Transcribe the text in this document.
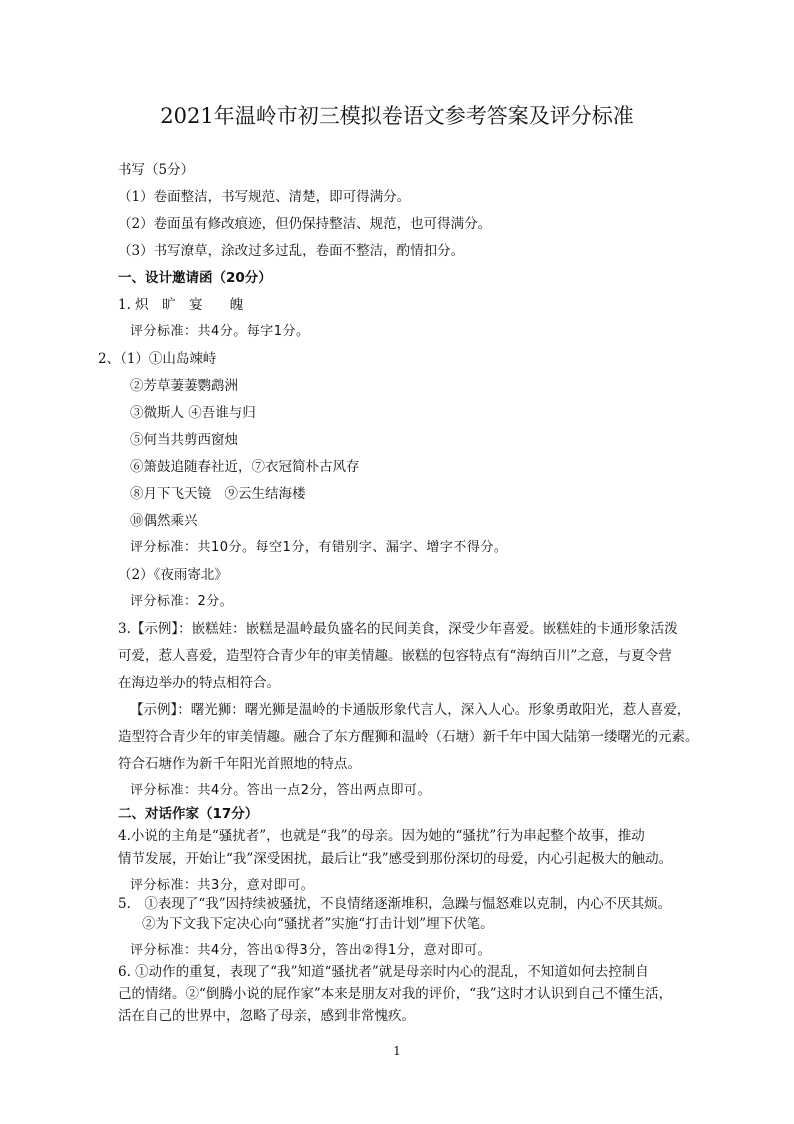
2021年温岭市初三模拟卷语文参考答案及评分标准
书写（5分）
（1）卷面整洁，书写规范、清楚，即可得满分。
（2）卷面虽有修改痕迹，但仍保持整洁、规范，也可得满分。
（3）书写潦草，涂改过多过乱，卷面不整洁，酌情扣分。
一、设计邀请函（20分）
1. 炽　旷　宴　　魄
评分标准：共4分。每字1分。
2、（1）①山岛竦峙
②芳草萋萋鹦鹉洲
③微斯人 ④吾谁与归
⑤何当共剪西窗烛
⑥箫鼓追随春社近，⑦衣冠简朴古风存
⑧月下飞天镜　⑨云生结海楼
⑩偶然乘兴
评分标准：共10分。每空1分，有错别字、漏字、增字不得分。
（2）《夜雨寄北》
评分标准：2分。
3.【示例】：嵌糕娃：嵌糕是温岭最负盛名的民间美食，深受少年喜爱。嵌糕娃的卡通形象活泼
可爱，惹人喜爱，造型符合青少年的审美情趣。嵌糕的包容特点有“海纳百川”之意，与夏令营
在海边举办的特点相符合。
【示例】：曙光狮：曙光狮是温岭的卡通版形象代言人，深入人心。形象勇敢阳光，惹人喜爱，
造型符合青少年的审美情趣。融合了东方醒狮和温岭（石塘）新千年中国大陆第一缕曙光的元素。
符合石塘作为新千年阳光首照地的特点。
评分标准：共4分。答出一点2分，答出两点即可。
二、对话作家（17分）
4.小说的主角是“骚扰者”，也就是“我”的母亲。因为她的“骚扰”行为串起整个故事，推动
情节发展，开始让“我”深受困扰，最后让“我”感受到那份深切的母爱，内心引起极大的触动。
评分标准：共3分，意对即可。
5.　①表现了“我”因持续被骚扰，不良情绪逐渐堆积，急躁与愠怒难以克制，内心不厌其烦。
②为下文我下定决心向“骚扰者”实施“打击计划”埋下伏笔。
评分标准：共4分，答出①得3分，答出②得1分，意对即可。
6. ①动作的重复，表现了“我”知道“骚扰者”就是母亲时内心的混乱，不知道如何去控制自
己的情绪。②“倒腾小说的屁作家”本来是朋友对我的评价，“我”这时才认识到自己不懂生活，
活在自己的世界中，忽略了母亲，感到非常愧疚。
1
